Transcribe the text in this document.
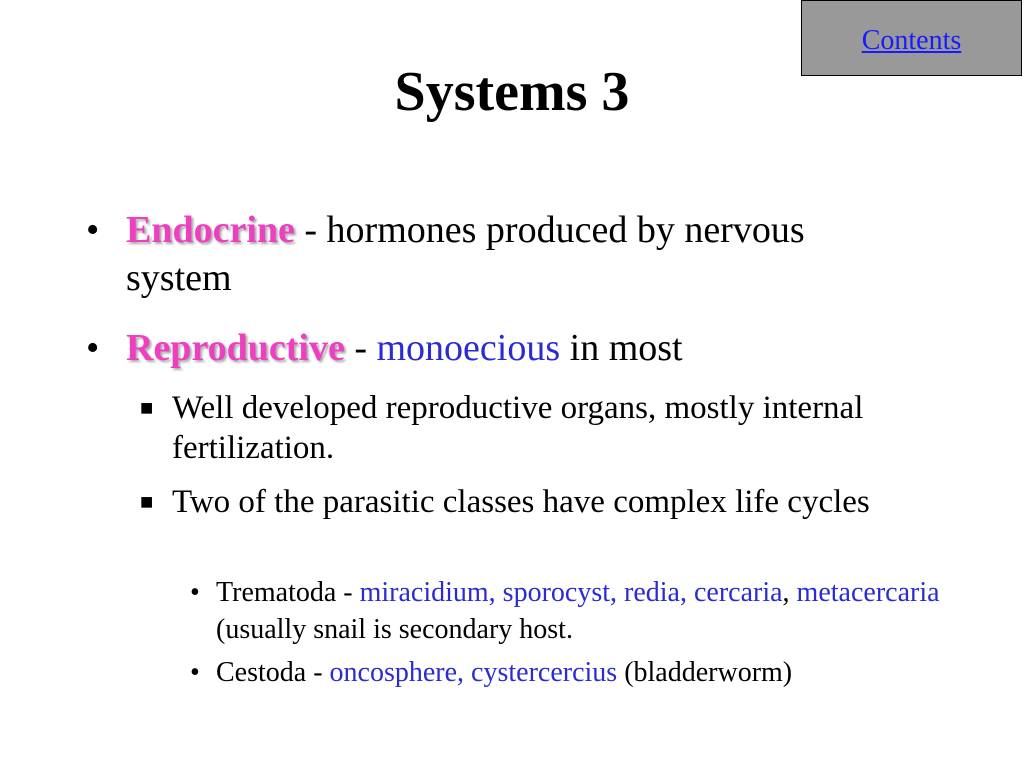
Contents
Systems 3
• Endocrine - hormones produced by nervous system
• Reproductive - monoecious in most
■ Well developed reproductive organs, mostly internal fertilization.
■ Two of the parasitic classes have complex life cycles
• Trematoda - miracidium, sporocyst, redia, cercaria, metacercaria (usually snail is secondary host.
• Cestoda - oncosphere, cystercercius (bladderworm)
